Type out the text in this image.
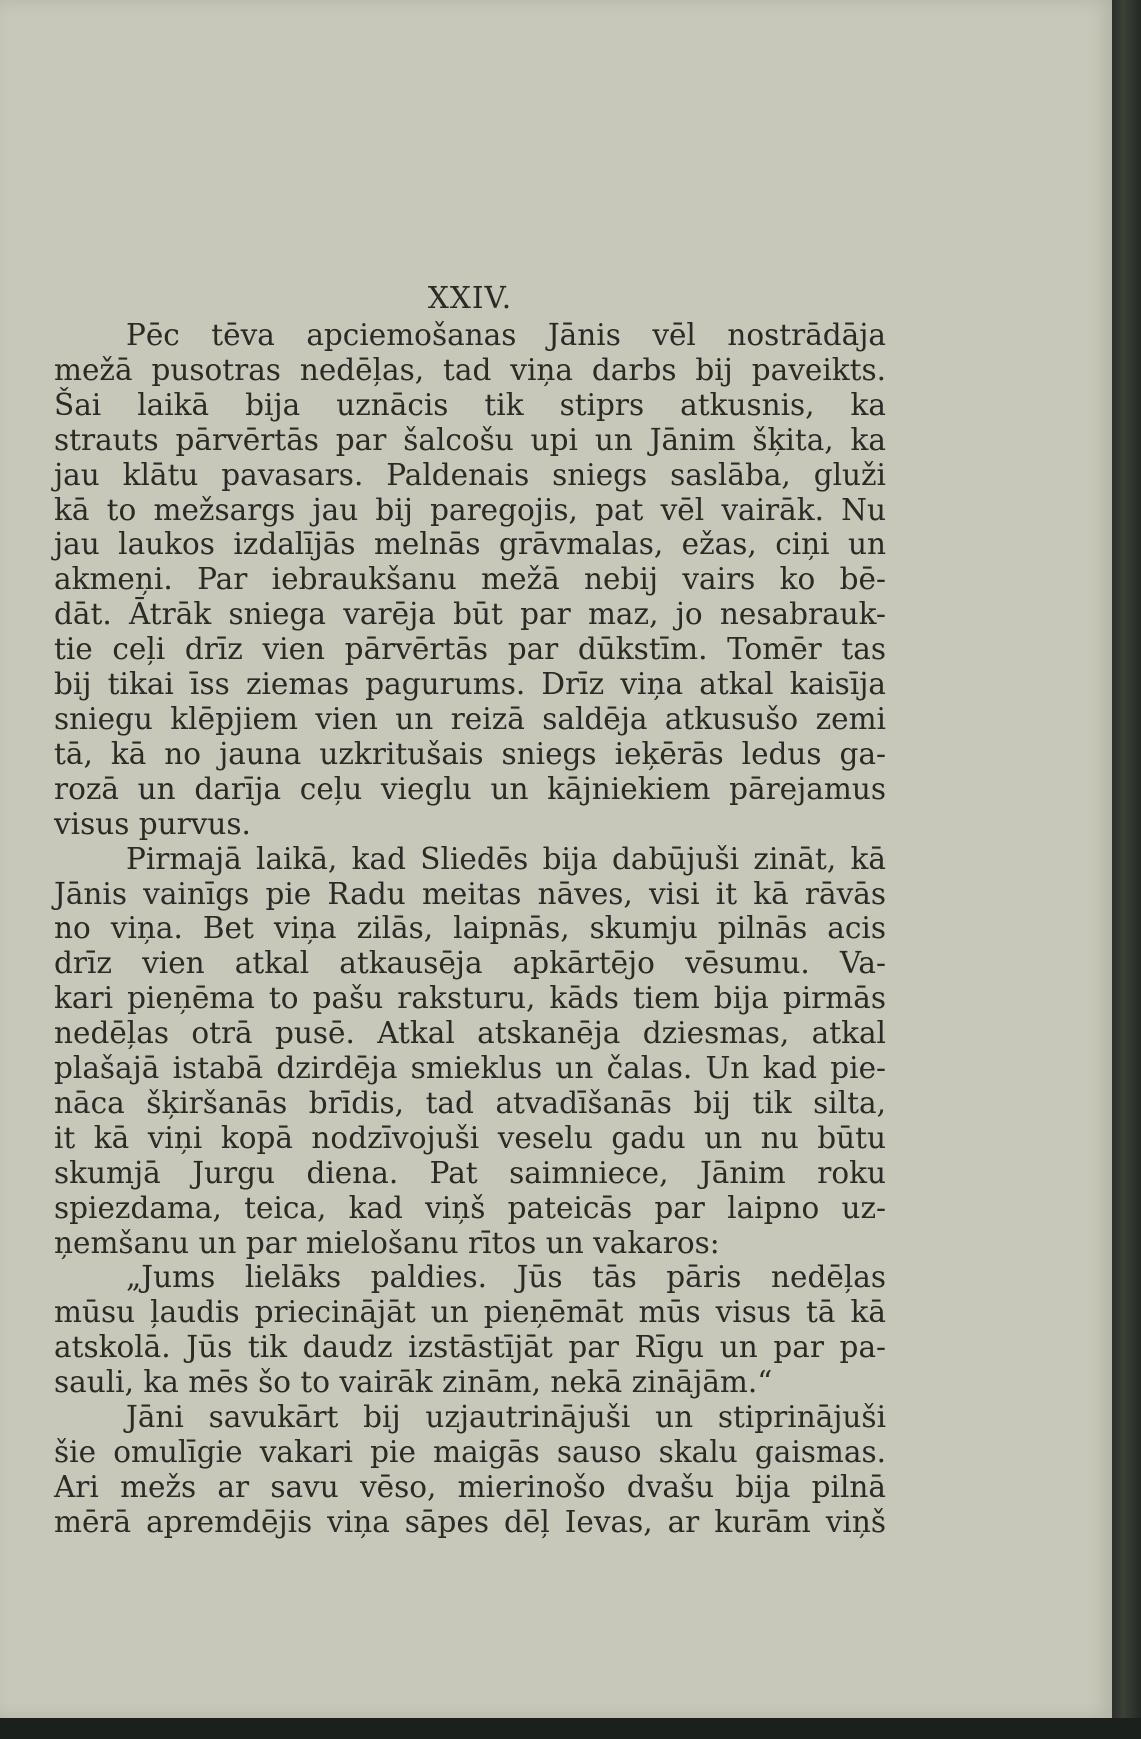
XXIV.
Pēc tēva apciemošanas Jānis vēl nostrādāja
mežā pusotras nedēļas, tad viņa darbs bij paveikts.
Šai laikā bija uznācis tik stiprs atkusnis, ka
strauts pārvērtās par šalcošu upi un Jānim šķita, ka
jau klātu pavasars. Paldenais sniegs saslāba, gluži
kā to mežsargs jau bij paregojis, pat vēl vairāk. Nu
jau laukos izdalījās melnās grāvmalas, ežas, ciņi un
akmeņi. Par iebraukšanu mežā nebij vairs ko bē-
dāt. Ātrāk sniega varēja būt par maz, jo nesabrauk-
tie ceļi drīz vien pārvērtās par dūkstīm. Tomēr tas
bij tikai īss ziemas pagurums. Drīz viņa atkal kaisīja
sniegu klēpjiem vien un reizā saldēja atkusušo zemi
tā, kā no jauna uzkritušais sniegs ieķērās ledus ga-
rozā un darīja ceļu vieglu un kājniekiem pārejamus
visus purvus.
Pirmajā laikā, kad Sliedēs bija dabūjuši zināt, kā
Jānis vainīgs pie Radu meitas nāves, visi it kā rāvās
no viņa. Bet viņa zilās, laipnās, skumju pilnās acis
drīz vien atkal atkausēja apkārtējo vēsumu. Va-
kari pieņēma to pašu raksturu, kāds tiem bija pirmās
nedēļas otrā pusē. Atkal atskanēja dziesmas, atkal
plašajā istabā dzirdēja smieklus un čalas. Un kad pie-
nāca šķiršanās brīdis, tad atvadīšanās bij tik silta,
it kā viņi kopā nodzīvojuši veselu gadu un nu būtu
skumjā Jurgu diena. Pat saimniece, Jānim roku
spiezdama, teica, kad viņš pateicās par laipno uz-
ņemšanu un par mielošanu rītos un vakaros:
„Jums lielāks paldies. Jūs tās pāris nedēļas
mūsu ļaudis priecinājāt un pieņēmāt mūs visus tā kā
atskolā. Jūs tik daudz izstāstījāt par Rīgu un par pa-
sauli, ka mēs šo to vairāk zinām, nekā zinājām.“
Jāni savukārt bij uzjautrinājuši un stiprinājuši
šie omulīgie vakari pie maigās sauso skalu gaismas.
Ari mežs ar savu vēso, mierinošo dvašu bija pilnā
mērā apremdējis viņa sāpes dēļ Ievas, ar kurām viņš
